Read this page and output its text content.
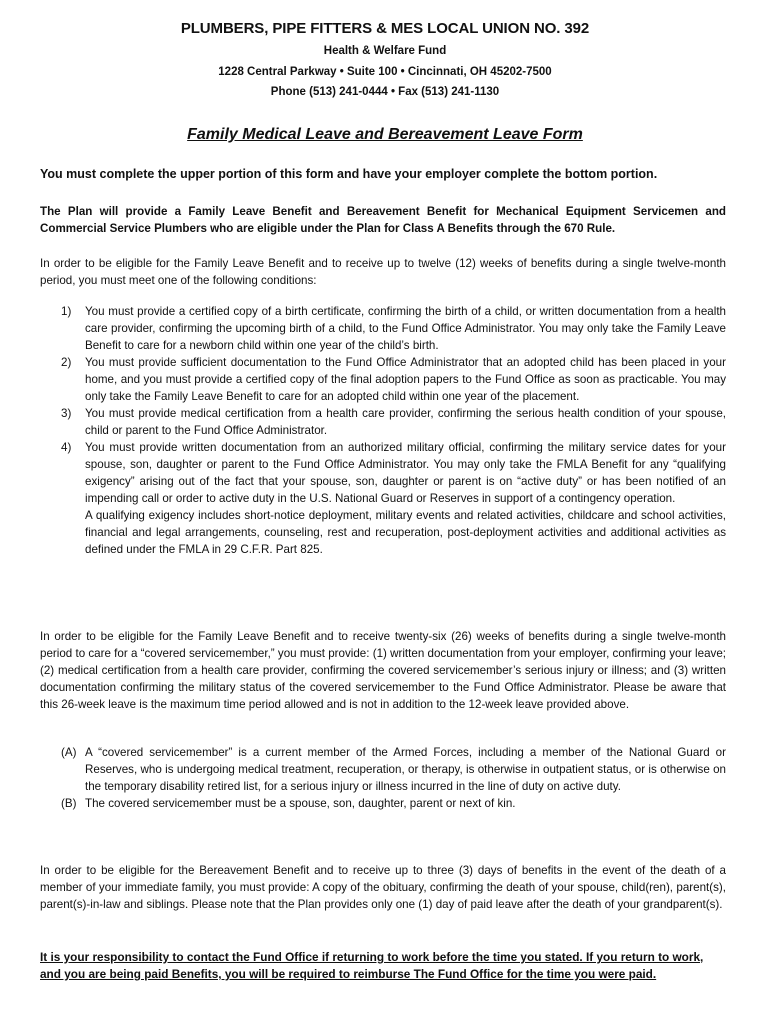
PLUMBERS, PIPE FITTERS & MES LOCAL UNION NO. 392
Health & Welfare Fund
1228 Central Parkway • Suite 100 • Cincinnati, OH 45202-7500
Phone (513) 241-0444 • Fax (513) 241-1130
Family Medical Leave and Bereavement Leave Form
You must complete the upper portion of this form and have your employer complete the bottom portion.
The Plan will provide a Family Leave Benefit and Bereavement Benefit for Mechanical Equipment Servicemen and Commercial Service Plumbers who are eligible under the Plan for Class A Benefits through the 670 Rule.
In order to be eligible for the Family Leave Benefit and to receive up to twelve (12) weeks of benefits during a single twelve-month period, you must meet one of the following conditions:
1) You must provide a certified copy of a birth certificate, confirming the birth of a child, or written documentation from a health care provider, confirming the upcoming birth of a child, to the Fund Office Administrator. You may only take the Family Leave Benefit to care for a newborn child within one year of the child’s birth.

2) You must provide sufficient documentation to the Fund Office Administrator that an adopted child has been placed in your home, and you must provide a certified copy of the final adoption papers to the Fund Office as soon as practicable. You may only take the Family Leave Benefit to care for an adopted child within one year of the placement.

3) You must provide medical certification from a health care provider, confirming the serious health condition of your spouse, child or parent to the Fund Office Administrator.

4) You must provide written documentation from an authorized military official, confirming the military service dates for your spouse, son, daughter or parent to the Fund Office Administrator. You may only take the FMLA Benefit for any “qualifying exigency” arising out of the fact that your spouse, son, daughter or parent is on “active duty” or has been notified of an impending call or order to active duty in the U.S. National Guard or Reserves in support of a contingency operation.

A qualifying exigency includes short-notice deployment, military events and related activities, childcare and school activities, financial and legal arrangements, counseling, rest and recuperation, post-deployment activities and additional activities as defined under the FMLA in 29 C.F.R. Part 825.

In order to be eligible for the Family Leave Benefit and to receive twenty-six (26) weeks of benefits during a single twelve-month period to care for a “covered servicemember,” you must provide: (1) written documentation from your employer, confirming your leave; (2) medical certification from a health care provider, confirming the covered servicemember’s serious injury or illness; and (3) written documentation confirming the military status of the covered servicemember to the Fund Office Administrator. Please be aware that this 26-week leave is the maximum time period allowed and is not in addition to the 12-week leave provided above.
(A) A “covered servicemember” is a current member of the Armed Forces, including a member of the National Guard or Reserves, who is undergoing medical treatment, recuperation, or therapy, is otherwise in outpatient status, or is otherwise on the temporary disability retired list, for a serious injury or illness incurred in the line of duty on active duty.

(B) The covered servicemember must be a spouse, son, daughter, parent or next of kin.

In order to be eligible for the Bereavement Benefit and to receive up to three (3) days of benefits in the event of the death of a member of your immediate family, you must provide: A copy of the obituary, confirming the death of your spouse, child(ren), parent(s), parent(s)-in-law and siblings. Please note that the Plan provides only one (1) day of paid leave after the death of your grandparent(s).
It is your responsibility to contact the Fund Office if returning to work before the time you stated. If you return to work, and you are being paid Benefits, you will be required to reimburse The Fund Office for the time you were paid.
